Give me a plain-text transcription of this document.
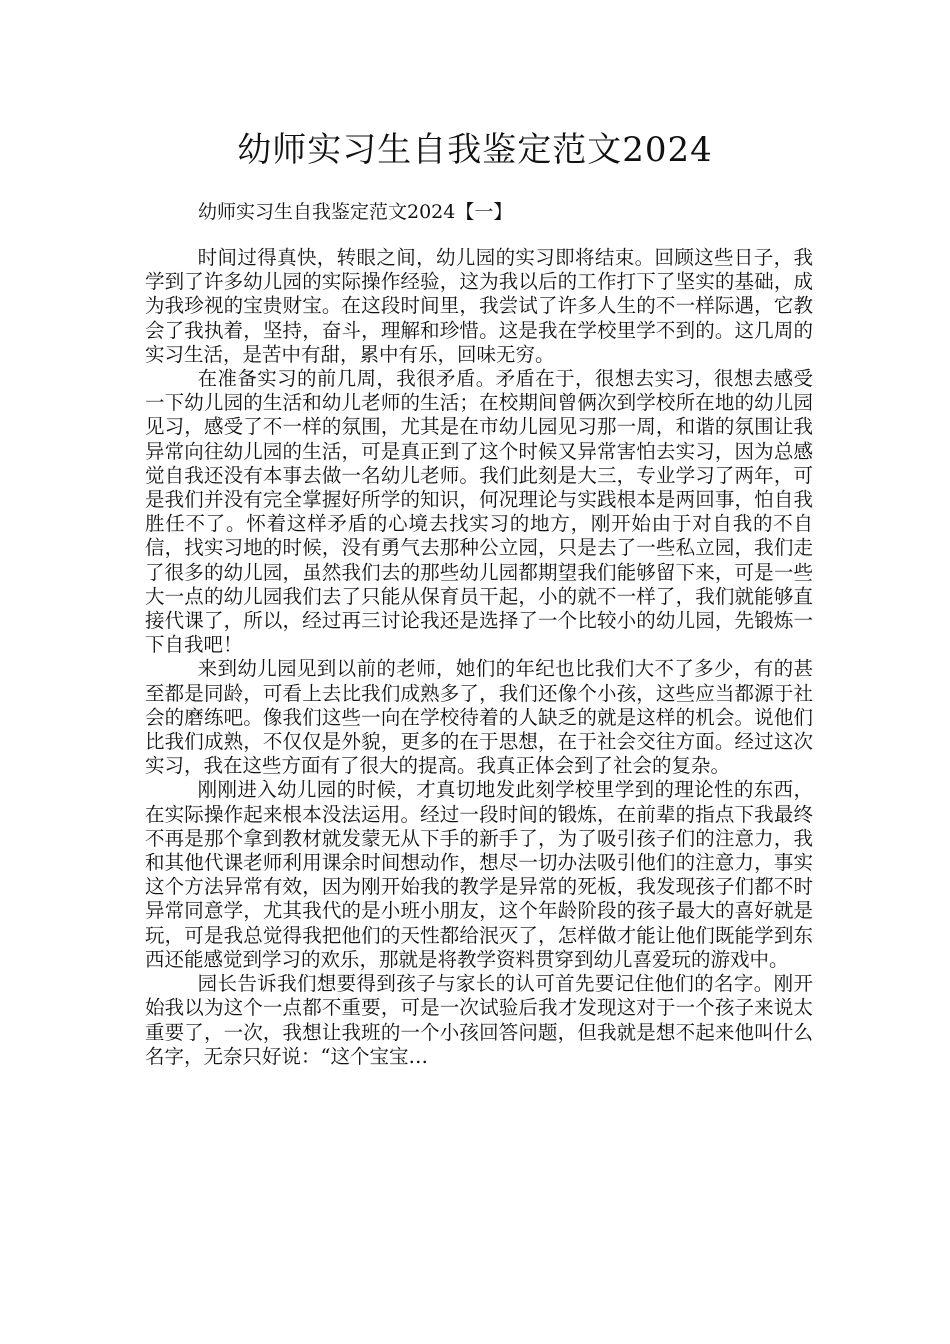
幼师实习生自我鉴定范文2024

幼师实习生自我鉴定范文2024【一】

时间过得真快，转眼之间，幼儿园的实习即将结束。回顾这些日子，我学到了许多幼儿园的实际操作经验，这为我以后的工作打下了坚实的基础，成为我珍视的宝贵财宝。在这段时间里，我尝试了许多人生的不一样际遇，它教会了我执着，坚持，奋斗，理解和珍惜。这是我在学校里学不到的。这几周的实习生活，是苦中有甜，累中有乐，回味无穷。

在准备实习的前几周，我很矛盾。矛盾在于，很想去实习，很想去感受一下幼儿园的生活和幼儿老师的生活；在校期间曾俩次到学校所在地的幼儿园见习，感受了不一样的氛围，尤其是在市幼儿园见习那一周，和谐的氛围让我异常向往幼儿园的生活，可是真正到了这个时候又异常害怕去实习，因为总感觉自我还没有本事去做一名幼儿老师。我们此刻是大三，专业学习了两年，可是我们并没有完全掌握好所学的知识，何况理论与实践根本是两回事，怕自我胜任不了。怀着这样矛盾的心境去找实习的地方，刚开始由于对自我的不自信，找实习地的时候，没有勇气去那种公立园，只是去了一些私立园，我们走了很多的幼儿园，虽然我们去的那些幼儿园都期望我们能够留下来，可是一些大一点的幼儿园我们去了只能从保育员干起，小的就不一样了，我们就能够直接代课了，所以，经过再三讨论我还是选择了一个比较小的幼儿园，先锻炼一下自我吧！

来到幼儿园见到以前的老师，她们的年纪也比我们大不了多少，有的甚至都是同龄，可看上去比我们成熟多了，我们还像个小孩，这些应当都源于社会的磨练吧。像我们这些一向在学校待着的人缺乏的就是这样的机会。说他们比我们成熟，不仅仅是外貌，更多的在于思想，在于社会交往方面。经过这次实习，我在这些方面有了很大的提高。我真正体会到了社会的复杂。

刚刚进入幼儿园的时候，才真切地发此刻学校里学到的理论性的东西，在实际操作起来根本没法运用。经过一段时间的锻炼，在前辈的指点下我最终不再是那个拿到教材就发蒙无从下手的新手了，为了吸引孩子们的注意力，我和其他代课老师利用课余时间想动作，想尽一切办法吸引他们的注意力，事实这个方法异常有效，因为刚开始我的教学是异常的死板，我发现孩子们都不时异常同意学，尤其我代的是小班小朋友，这个年龄阶段的孩子最大的喜好就是玩，可是我总觉得我把他们的天性都给泯灭了，怎样做才能让他们既能学到东西还能感觉到学习的欢乐，那就是将教学资料贯穿到幼儿喜爱玩的游戏中。

园长告诉我们想要得到孩子与家长的认可首先要记住他们的名字。刚开始我以为这个一点都不重要，可是一次试验后我才发现这对于一个孩子来说太重要了，一次，我想让我班的一个小孩回答问题，但我就是想不起来他叫什么名字，无奈只好说：“这个宝宝…
